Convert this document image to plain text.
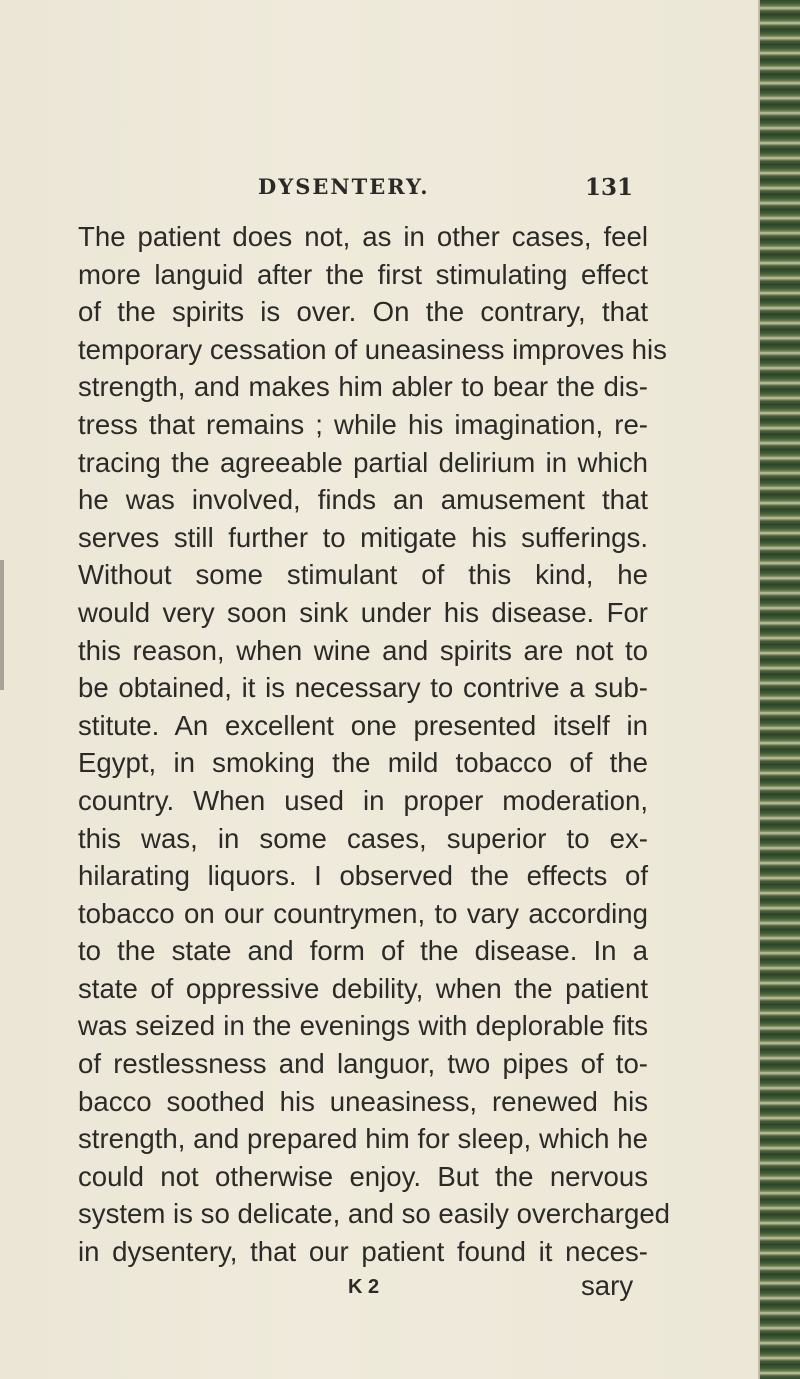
DYSENTERY.	131
The patient does not, as in other cases, feel
more languid after the first stimulating effect
of the spirits is over. On the contrary, that
temporary cessation of uneasiness improves his
strength, and makes him abler to bear the dis-
tress that remains ; while his imagination, re-
tracing the agreeable partial delirium in which
he was involved, finds an amusement that
serves still further to mitigate his sufferings.
Without some stimulant of this kind, he
would very soon sink under his disease. For
this reason, when wine and spirits are not to
be obtained, it is necessary to contrive a sub-
stitute. An excellent one presented itself in
Egypt, in smoking the mild tobacco of the
country. When used in proper moderation,
this was, in some cases, superior to ex-
hilarating liquors. I observed the effects of
tobacco on our countrymen, to vary according
to the state and form of the disease. In a
state of oppressive debility, when the patient
was seized in the evenings with deplorable fits
of restlessness and languor, two pipes of to-
bacco soothed his uneasiness, renewed his
strength, and prepared him for sleep, which he
could not otherwise enjoy. But the nervous
system is so delicate, and so easily overcharged
in dysentery, that our patient found it neces-
K 2	sary
